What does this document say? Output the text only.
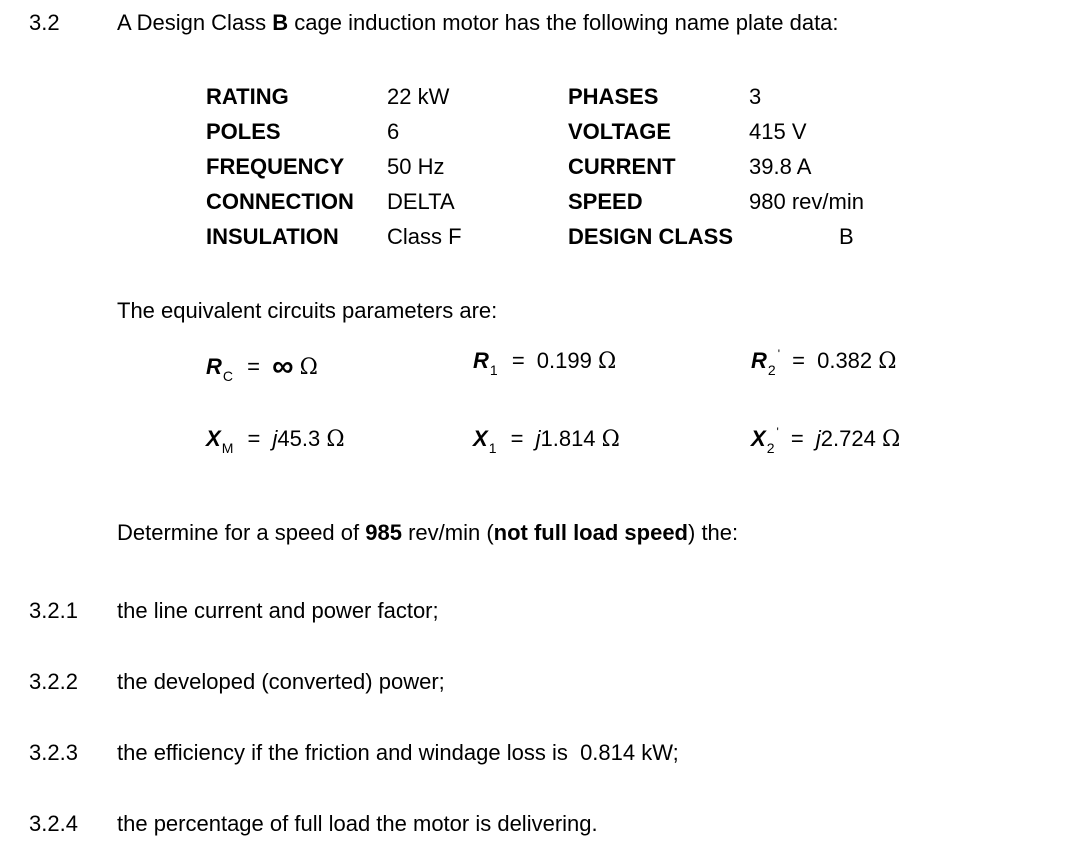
3.2	A Design Class B cage induction motor has the following name plate data:
RATING	22 kW	PHASES	3
POLES	6	VOLTAGE	415 V
FREQUENCY 50 Hz	CURRENT	39.8 A
CONNECTION DELTA	SPEED	980 rev/min
INSULATION Class F	DESIGN CLASS	B
The equivalent circuits parameters are:
$R_C$ = ∞ Ω	$R_1 = 0.199$ Ω	$R_2' = 0.382$ Ω
$X_M = j45.3$ Ω	$X_1 = j1.814$ Ω	$X_2' = j2.724$ Ω
Determine for a speed of 985 rev/min (not full load speed) the:
3.2.1 the line current and power factor;
3.2.2 the developed (converted) power;
3.2.3 the efficiency if the friction and windage loss is  0.814 kW;
3.2.4 the percentage of full load the motor is delivering.
